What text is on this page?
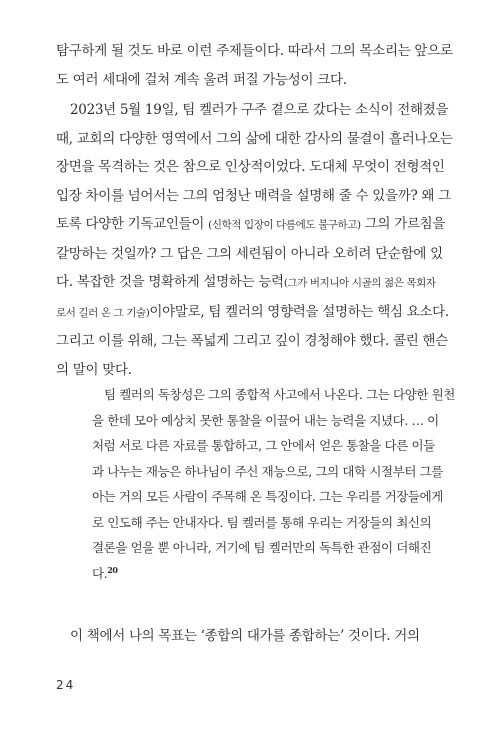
탐구하게 될 것도 바로 이런 주제들이다. 따라서 그의 목소리는 앞으로
도 여러 세대에 걸쳐 계속 울려 퍼질 가능성이 크다.

2023년 5월 19일, 팀 켈러가 구주 곁으로 갔다는 소식이 전해졌을
때, 교회의 다양한 영역에서 그의 삶에 대한 감사의 물결이 흘러나오는
장면을 목격하는 것은 참으로 인상적이었다. 도대체 무엇이 전형적인
입장 차이를 넘어서는 그의 엄청난 매력을 설명해 줄 수 있을까? 왜 그
토록 다양한 기독교인들이 (신학적 입장이 다름에도 불구하고) 그의 가르침을
갈망하는 것일까? 그 답은 그의 세련됨이 아니라 오히려 단순함에 있
다. 복잡한 것을 명확하게 설명하는 능력(그가 버지니아 시골의 젊은 목회자
로서 길러 온 그 기술)이야말로, 팀 켈러의 영향력을 설명하는 핵심 요소다.
그리고 이를 위해, 그는 폭넓게 그리고 깊이 경청해야 했다. 콜린 핸슨
의 말이 맞다.

팀 켈러의 독창성은 그의 종합적 사고에서 나온다. 그는 다양한 원천
을 한데 모아 예상치 못한 통찰을 이끌어 내는 능력을 지녔다. … 이
처럼 서로 다른 자료를 통합하고, 그 안에서 얻은 통찰을 다른 이들
과 나누는 재능은 하나님이 주신 재능으로, 그의 대학 시절부터 그를
아는 거의 모든 사람이 주목해 온 특징이다. 그는 우리를 거장들에게
로 인도해 주는 안내자다. 팀 켈러를 통해 우리는 거장들의 최신의
결론을 얻을 뿐 아니라, 거기에 팀 켈러만의 독특한 관점이 더해진
다.$^{20}$

이 책에서 나의 목표는 ‘종합의 대가를 종합하는’ 것이다. 거의

24
